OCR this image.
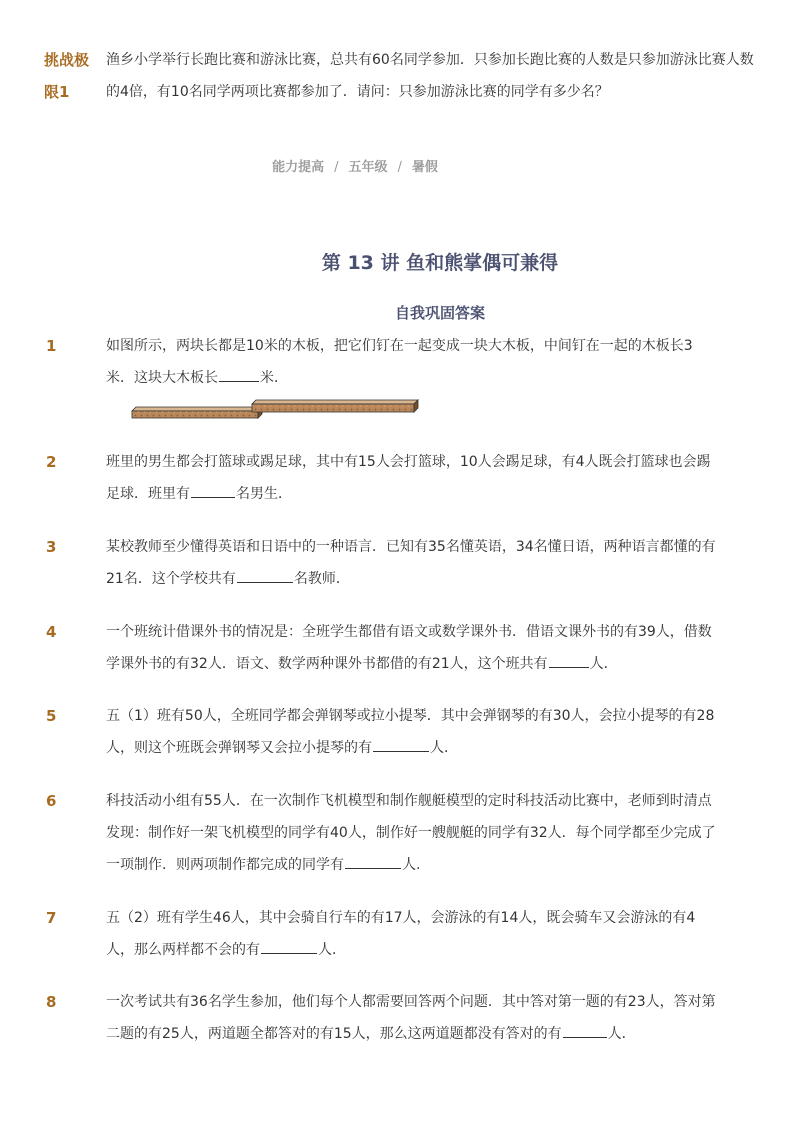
挑战极限1
渔乡小学举行长跑比赛和游泳比赛，总共有60名同学参加．只参加长跑比赛的人数是只参加游泳比赛人数的4倍，有10名同学两项比赛都参加了．请问：只参加游泳比赛的同学有多少名？
能力提高 / 五年级 / 暑假
第 13 讲 鱼和熊掌偶可兼得
自我巩固答案
1	如图所示，两块长都是10米的木板，把它们钉在一起变成一块大木板，中间钉在一起的木板长3米．这块大木板长	米．
2	班里的男生都会打篮球或踢足球，其中有15人会打篮球，10人会踢足球，有4人既会打篮球也会踢足球．班里有	名男生．
3	某校教师至少懂得英语和日语中的一种语言．已知有35名懂英语，34名懂日语，两种语言都懂的有21名．这个学校共有	名教师．
4	一个班统计借课外书的情况是：全班学生都借有语文或数学课外书．借语文课外书的有39人，借数学课外书的有32人．语文、数学两种课外书都借的有21人，这个班共有	人．
5	五（1）班有50人，全班同学都会弹钢琴或拉小提琴．其中会弹钢琴的有30人，会拉小提琴的有28人，则这个班既会弹钢琴又会拉小提琴的有	人．
6	科技活动小组有55人．在一次制作飞机模型和制作舰艇模型的定时科技活动比赛中，老师到时清点发现：制作好一架飞机模型的同学有40人，制作好一艘舰艇的同学有32人．每个同学都至少完成了一项制作．则两项制作都完成的同学有	人.
7	五（2）班有学生46人，其中会骑自行车的有17人，会游泳的有14人，既会骑车又会游泳的有4人，那么两样都不会的有	人．
8	一次考试共有36名学生参加，他们每个人都需要回答两个问题．其中答对第一题的有23人，答对第二题的有25人，两道题全都答对的有15人，那么这两道题都没有答对的有	人．
